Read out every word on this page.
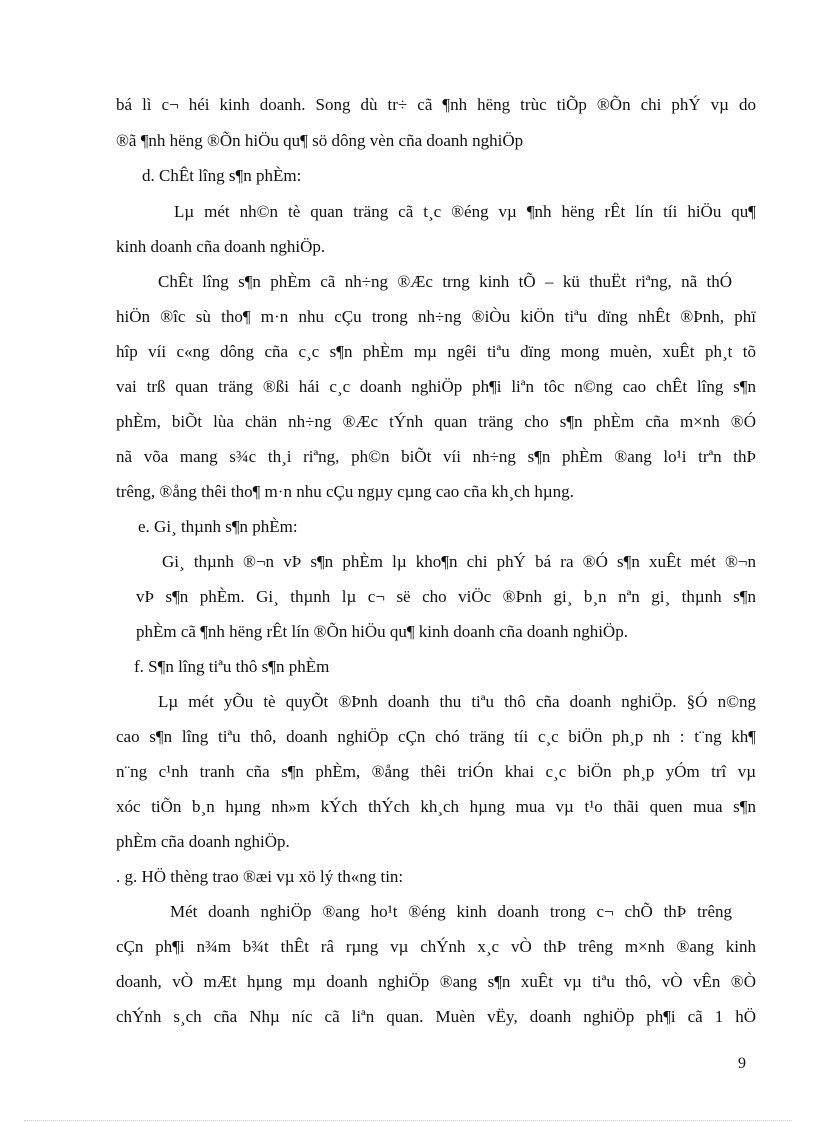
bá lì c¬ héi kinh doanh. Song dù tr÷ cã ¶nh hëng trùc tiÕp ®Õn chi phÝ vµ do
®ã ¶nh hëng ®Õn hiÖu qu¶ sö dông vèn cña doanh nghiÖp
d. ChÊt lîng s¶n phÈm:
Lµ mét nh©n tè quan träng cã t¸c ®éng vµ ¶nh hëng rÊt lín tíi hiÖu qu¶
kinh doanh cña doanh nghiÖp.
ChÊt lîng s¶n phÈm cã nh÷ng ®Æc trng kinh tÕ – kü thuËt riªng, nã thÓ
hiÖn ®îc sù tho¶ m·n nhu cÇu trong nh÷ng ®iÒu kiÖn tiªu dïng nhÊt ®Þnh, phï
hîp víi c«ng dông cña c¸c s¶n phÈm mµ ngêi tiªu dïng mong muèn, xuÊt ph¸t tõ
vai trß quan träng ®ßi hái c¸c doanh nghiÖp ph¶i liªn tôc n©ng cao chÊt lîng s¶n
phÈm, biÕt lùa chän nh÷ng ®Æc tÝnh quan träng cho s¶n phÈm cña m×nh ®Ó
nã võa mang s¾c th¸i riªng, ph©n biÕt víi nh÷ng s¶n phÈm ®ang lo¹i trªn thÞ
trêng, ®ång thêi tho¶ m·n nhu cÇu ngµy cµng cao cña kh¸ch hµng.
e. Gi¸ thµnh s¶n phÈm:
Gi¸ thµnh ®¬n vÞ s¶n phÈm lµ kho¶n chi phÝ bá ra ®Ó s¶n xuÊt mét ®¬n
vÞ s¶n phÈm. Gi¸ thµnh lµ c¬ së cho viÖc ®Þnh gi¸ b¸n nªn gi¸ thµnh s¶n
phÈm cã ¶nh hëng rÊt lín ®Õn hiÖu qu¶ kinh doanh cña doanh nghiÖp.
f. S¶n lîng tiªu thô s¶n phÈm
Lµ mét yÕu tè quyÕt ®Þnh doanh thu tiªu thô cña doanh nghiÖp. §Ó n©ng
cao s¶n lîng tiªu thô, doanh nghiÖp cÇn chó träng tíi c¸c biÖn ph¸p nh : t¨ng kh¶
n¨ng c¹nh tranh cña s¶n phÈm, ®ång thêi triÓn khai c¸c biÖn ph¸p yÓm trî vµ
xóc tiÕn b¸n hµng nh»m kÝch thÝch kh¸ch hµng mua vµ t¹o thãi quen mua s¶n
phÈm cña doanh nghiÖp.
. g. HÖ thèng trao ®æi vµ xö lý th«ng tin:
Mét doanh nghiÖp ®ang ho¹t ®éng kinh doanh trong c¬ chÕ thÞ trêng
cÇn ph¶i n¾m b¾t thÊt râ rµng vµ chÝnh x¸c vÒ thÞ trêng m×nh ®ang kinh
doanh, vÒ mÆt hµng mµ doanh nghiÖp ®ang s¶n xuÊt vµ tiªu thô, vÒ vÊn ®Ò
chÝnh s¸ch cña Nhµ níc cã liªn quan. Muèn vËy, doanh nghiÖp ph¶i cã 1 hÖ
9
